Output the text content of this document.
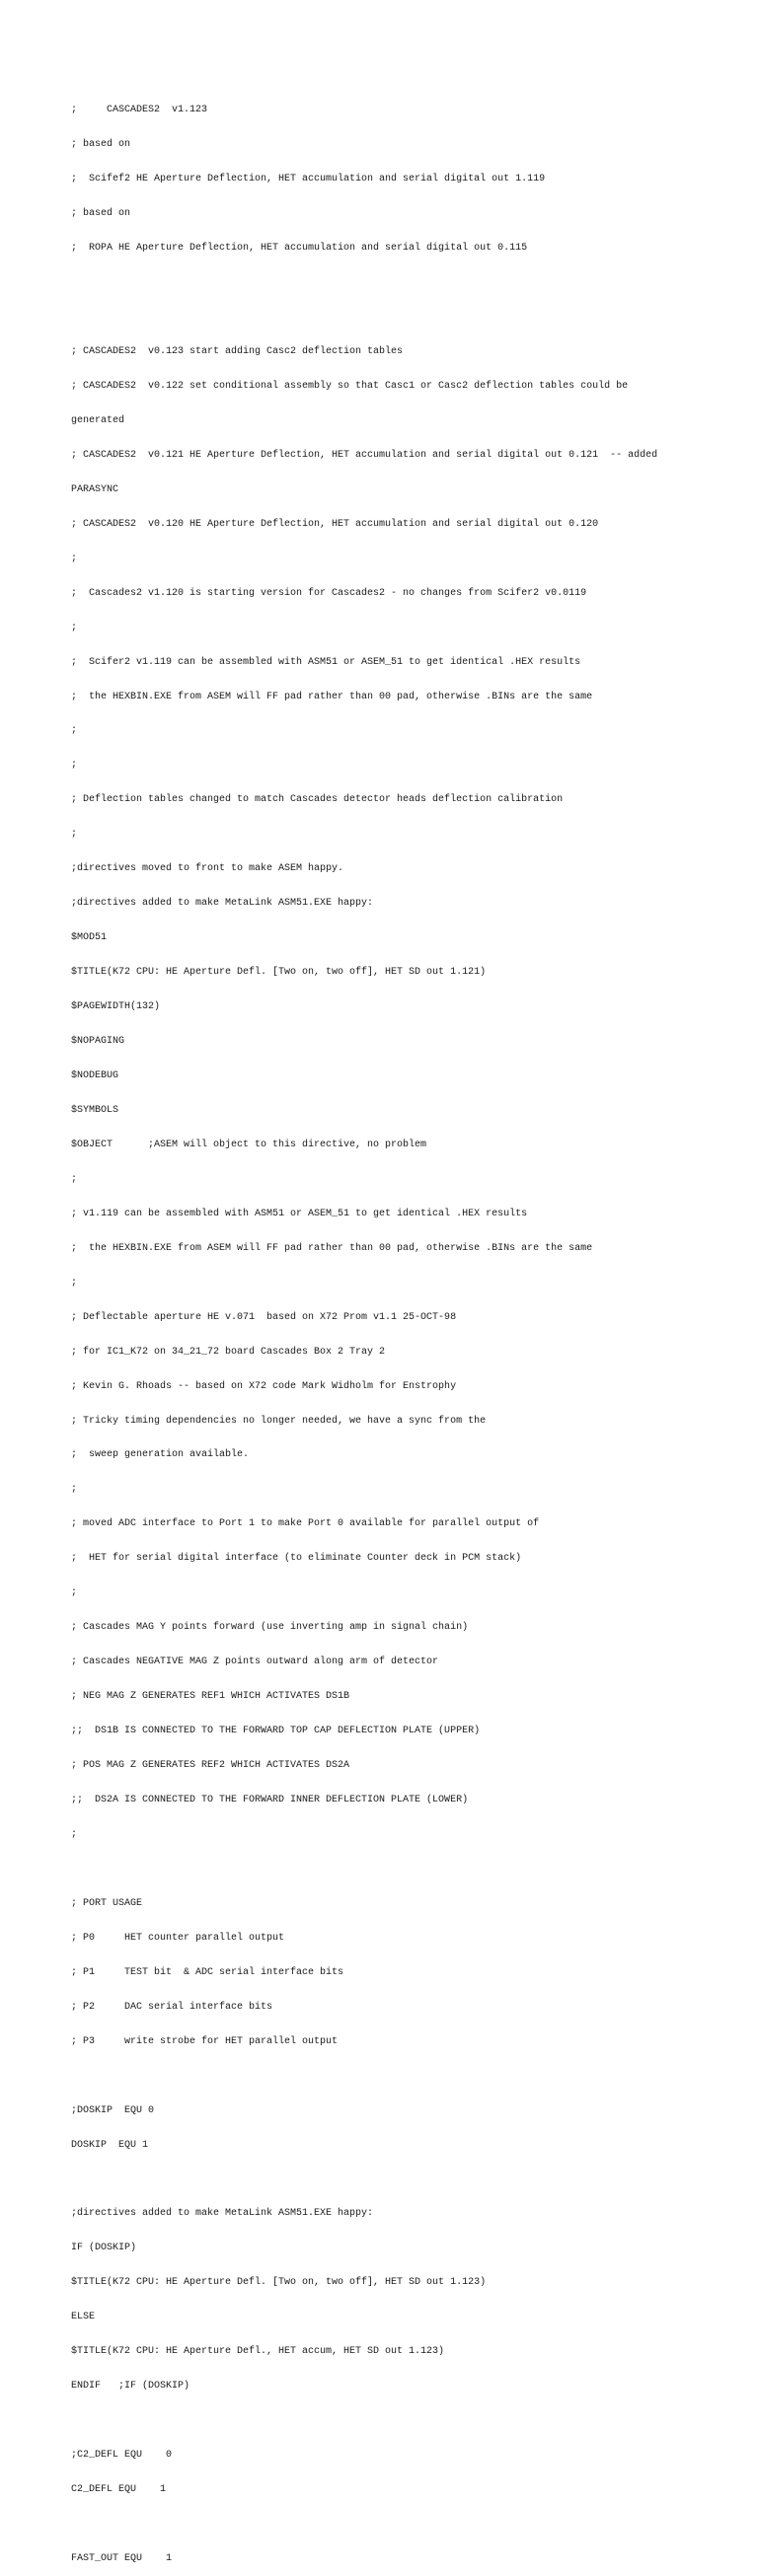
;     CASCADES2  v1.123

; based on

;  Scifef2 HE Aperture Deflection, HET accumulation and serial digital out 1.119

; based on

;  ROPA HE Aperture Deflection, HET accumulation and serial digital out 0.115

; CASCADES2  v0.123 start adding Casc2 deflection tables

; CASCADES2  v0.122 set conditional assembly so that Casc1 or Casc2 deflection tables could be

generated

; CASCADES2  v0.121 HE Aperture Deflection, HET accumulation and serial digital out 0.121  -- added

PARASYNC

; CASCADES2  v0.120 HE Aperture Deflection, HET accumulation and serial digital out 0.120

;

;  Cascades2 v1.120 is starting version for Cascades2 - no changes from Scifer2 v0.0119

;

;  Scifer2 v1.119 can be assembled with ASM51 or ASEM_51 to get identical .HEX results

;  the HEXBIN.EXE from ASEM will FF pad rather than 00 pad, otherwise .BINs are the same

;

;

; Deflection tables changed to match Cascades detector heads deflection calibration

;

;directives moved to front to make ASEM happy.

;directives added to make MetaLink ASM51.EXE happy:

$MOD51

$TITLE(K72 CPU: HE Aperture Defl. [Two on, two off], HET SD out 1.121)

$PAGEWIDTH(132)

$NOPAGING

$NODEBUG

$SYMBOLS

$OBJECT      ;ASEM will object to this directive, no problem

;

; v1.119 can be assembled with ASM51 or ASEM_51 to get identical .HEX results

;  the HEXBIN.EXE from ASEM will FF pad rather than 00 pad, otherwise .BINs are the same

;

; Deflectable aperture HE v.071  based on X72 Prom v1.1 25-OCT-98

; for IC1_K72 on 34_21_72 board Cascades Box 2 Tray 2

; Kevin G. Rhoads -- based on X72 code Mark Widholm for Enstrophy

; Tricky timing dependencies no longer needed, we have a sync from the

;  sweep generation available.

;

; moved ADC interface to Port 1 to make Port 0 available for parallel output of

;  HET for serial digital interface (to eliminate Counter deck in PCM stack)

;

; Cascades MAG Y points forward (use inverting amp in signal chain)

; Cascades NEGATIVE MAG Z points outward along arm of detector

; NEG MAG Z GENERATES REF1 WHICH ACTIVATES DS1B

;;  DS1B IS CONNECTED TO THE FORWARD TOP CAP DEFLECTION PLATE (UPPER)

; POS MAG Z GENERATES REF2 WHICH ACTIVATES DS2A

;;  DS2A IS CONNECTED TO THE FORWARD INNER DEFLECTION PLATE (LOWER)

;

; PORT USAGE

; P0     HET counter parallel output

; P1     TEST bit  & ADC serial interface bits

; P2     DAC serial interface bits

; P3     write strobe for HET parallel output

;DOSKIP  EQU 0

DOSKIP  EQU 1

;directives added to make MetaLink ASM51.EXE happy:

IF (DOSKIP)

$TITLE(K72 CPU: HE Aperture Defl. [Two on, two off], HET SD out 1.123)

ELSE

$TITLE(K72 CPU: HE Aperture Defl., HET accum, HET SD out 1.123)

ENDIF   ;IF (DOSKIP)

;C2_DEFL EQU    0

C2_DEFL EQU    1

FAST_OUT EQU    1
